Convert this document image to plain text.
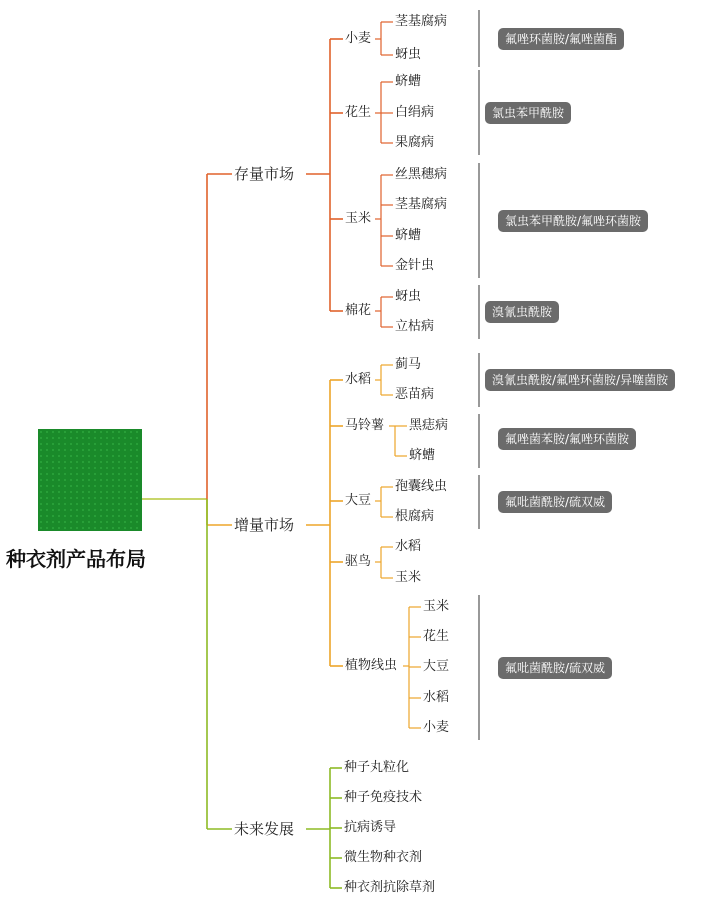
种衣剂产品布局
存量市场
小麦
茎基腐病
蚜虫
氟唑环菌胺/氟唑菌酯
花生
蛴螬
白绢病
果腐病
氯虫苯甲酰胺
玉米
丝黑穗病
茎基腐病
蛴螬
金针虫
氯虫苯甲酰胺/氟唑环菌胺
棉花
蚜虫
立枯病
溴氰虫酰胺
增量市场
水稻
蓟马
恶苗病
溴氰虫酰胺/氟唑环菌胺/异噻菌胺
马铃薯 黑痣病
蛴螬
氟唑菌苯胺/氟唑环菌胺
大豆
孢囊线虫
根腐病
氟吡菌酰胺/硫双威
驱鸟
水稻
玉米
植物线虫
玉米
花生
大豆
水稻
小麦
氟吡菌酰胺/硫双威
未来发展
种子丸粒化
种子免疫技术
抗病诱导
微生物种衣剂
种衣剂抗除草剂
